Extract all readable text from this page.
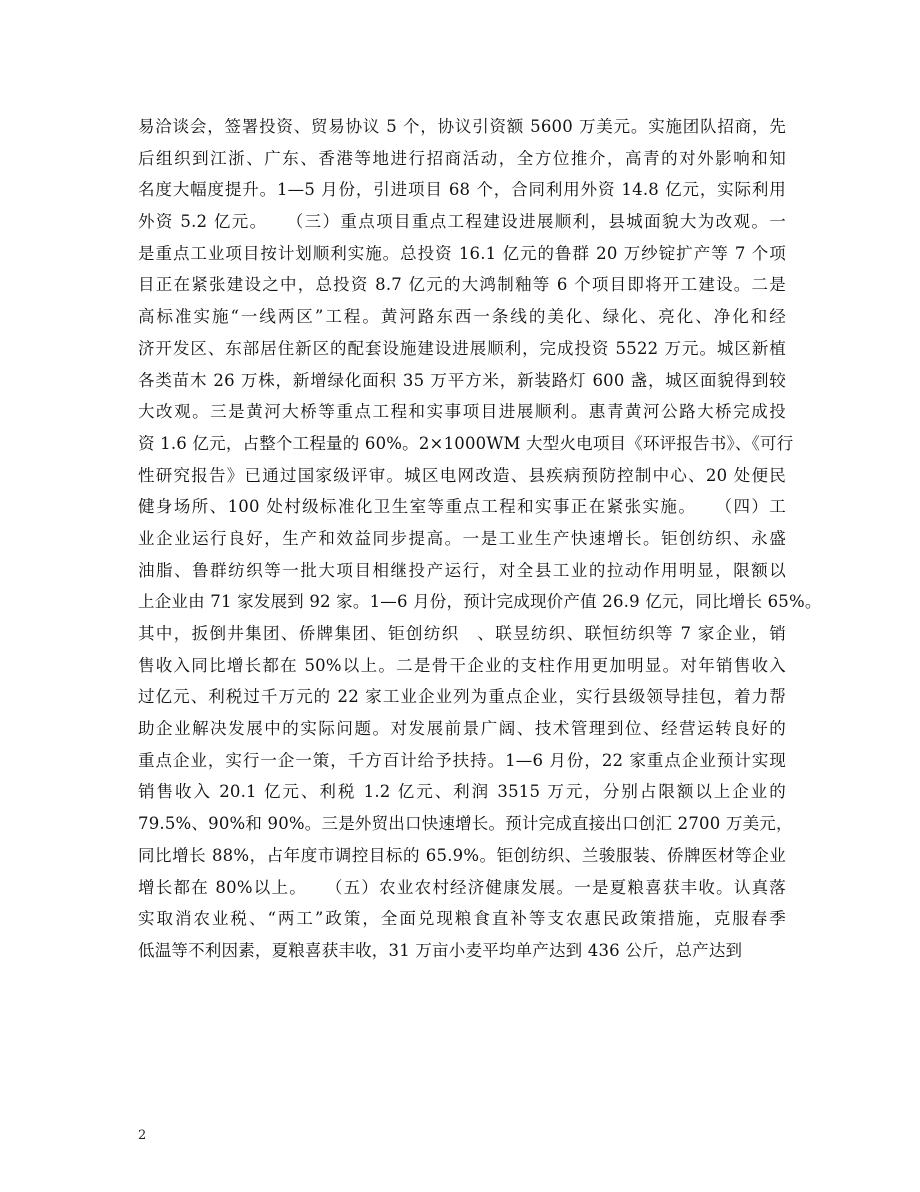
易洽谈会，签署投资、贸易协议 5 个，协议引资额 5600 万美元。实施团队招商，先
后组织到江浙、广东、香港等地进行招商活动，全方位推介，高青的对外影响和知
名度大幅度提升。1—5 月份，引进项目 68 个，合同利用外资 14.8 亿元，实际利用
外资 5.2 亿元。　　（三）重点项目重点工程建设进展顺利，县城面貌大为改观。一
是重点工业项目按计划顺利实施。总投资 16.1 亿元的鲁群 20 万纱锭扩产等 7 个项
目正在紧张建设之中，总投资 8.7 亿元的大鸿制釉等 6 个项目即将开工建设。二是
高标准实施“一线两区”工程。黄河路东西一条线的美化、绿化、亮化、净化和经
济开发区、东部居住新区的配套设施建设进展顺利，完成投资 5522 万元。城区新植
各类苗木 26 万株，新增绿化面积 35 万平方米，新装路灯 600 盏，城区面貌得到较
大改观。三是黄河大桥等重点工程和实事项目进展顺利。惠青黄河公路大桥完成投
资 1.6 亿元，占整个工程量的 60%。2×1000WM 大型火电项目《环评报告书》、《可行
性研究报告》已通过国家级评审。城区电网改造、县疾病预防控制中心、20 处便民
健身场所、100 处村级标准化卫生室等重点工程和实事正在紧张实施。　　（四）工
业企业运行良好，生产和效益同步提高。一是工业生产快速增长。钜创纺织、永盛
油脂、鲁群纺织等一批大项目相继投产运行，对全县工业的拉动作用明显，限额以
上企业由 71 家发展到 92 家。1—6 月份，预计完成现价产值 26.9 亿元，同比增长 65%。
其中，扳倒井集团、侨牌集团、钜创纺织　、联昱纺织、联恒纺织等 7 家企业，销
售收入同比增长都在 50%以上。二是骨干企业的支柱作用更加明显。对年销售收入
过亿元、利税过千万元的 22 家工业企业列为重点企业，实行县级领导挂包，着力帮
助企业解决发展中的实际问题。对发展前景广阔、技术管理到位、经营运转良好的
重点企业，实行一企一策，千方百计给予扶持。1—6 月份，22 家重点企业预计实现
销售收入 20.1 亿元、利税 1.2 亿元、利润 3515 万元，分别占限额以上企业的
79.5%、90%和 90%。三是外贸出口快速增长。预计完成直接出口创汇 2700 万美元，
同比增长 88%，占年度市调控目标的 65.9%。钜创纺织、兰骏服装、侨牌医材等企业
增长都在 80%以上。　　（五）农业农村经济健康发展。一是夏粮喜获丰收。认真落
实取消农业税、“两工”政策，全面兑现粮食直补等支农惠民政策措施，克服春季
低温等不利因素，夏粮喜获丰收，31 万亩小麦平均单产达到 436 公斤，总产达到
2
